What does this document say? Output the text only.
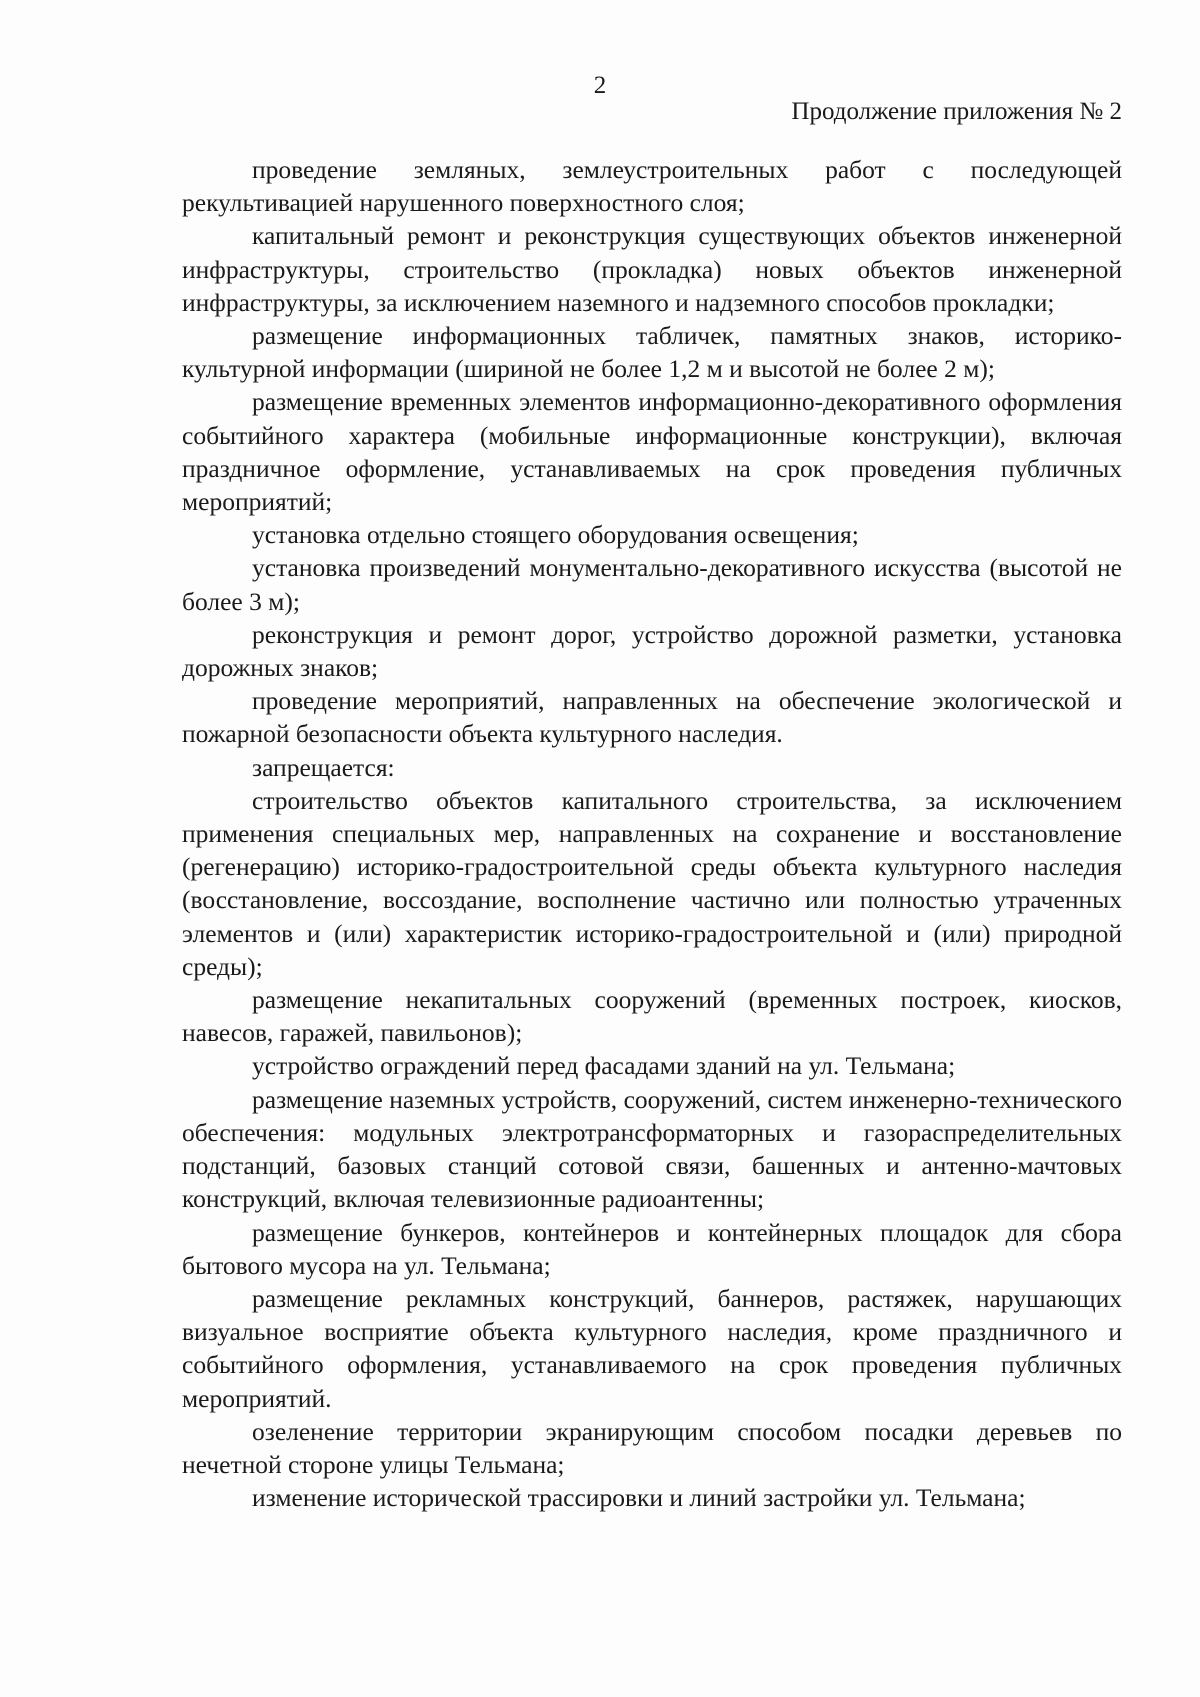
2
Продолжение приложения № 2

проведение земляных, землеустроительных работ с последующей рекультивацией нарушенного поверхностного слоя;

капитальный ремонт и реконструкция существующих объектов инженерной инфраструктуры, строительство (прокладка) новых объектов инженерной инфраструктуры, за исключением наземного и надземного способов прокладки;

размещение информационных табличек, памятных знаков, историко-культурной информации (шириной не более 1,2 м и высотой не более 2 м);

размещение временных элементов информационно-декоративного оформления событийного характера (мобильные информационные конструкции), включая праздничное оформление, устанавливаемых на срок проведения публичных мероприятий;

установка отдельно стоящего оборудования освещения;

установка произведений монументально-декоративного искусства (высотой не более 3 м);

реконструкция и ремонт дорог, устройство дорожной разметки, установка дорожных знаков;

проведение мероприятий, направленных на обеспечение экологической и пожарной безопасности объекта культурного наследия.

запрещается:

строительство объектов капитального строительства, за исключением применения специальных мер, направленных на сохранение и восстановление (регенерацию) историко-градостроительной среды объекта культурного наследия (восстановление, воссоздание, восполнение частично или полностью утраченных элементов и (или) характеристик историко-градостроительной и (или) природной среды);

размещение некапитальных сооружений (временных построек, киосков, навесов, гаражей, павильонов);

устройство ограждений перед фасадами зданий на ул. Тельмана;

размещение наземных устройств, сооружений, систем инженерно-технического обеспечения: модульных электротрансформаторных и газораспределительных подстанций, базовых станций сотовой связи, башенных и антенно-мачтовых конструкций, включая телевизионные радиоантенны;

размещение бункеров, контейнеров и контейнерных площадок для сбора бытового мусора на ул. Тельмана;

размещение рекламных конструкций, баннеров, растяжек, нарушающих визуальное восприятие объекта культурного наследия, кроме праздничного и событийного оформления, устанавливаемого на срок проведения публичных мероприятий.

озеленение территории экранирующим способом посадки деревьев по нечетной стороне улицы Тельмана;

изменение исторической трассировки и линий застройки ул. Тельмана;
